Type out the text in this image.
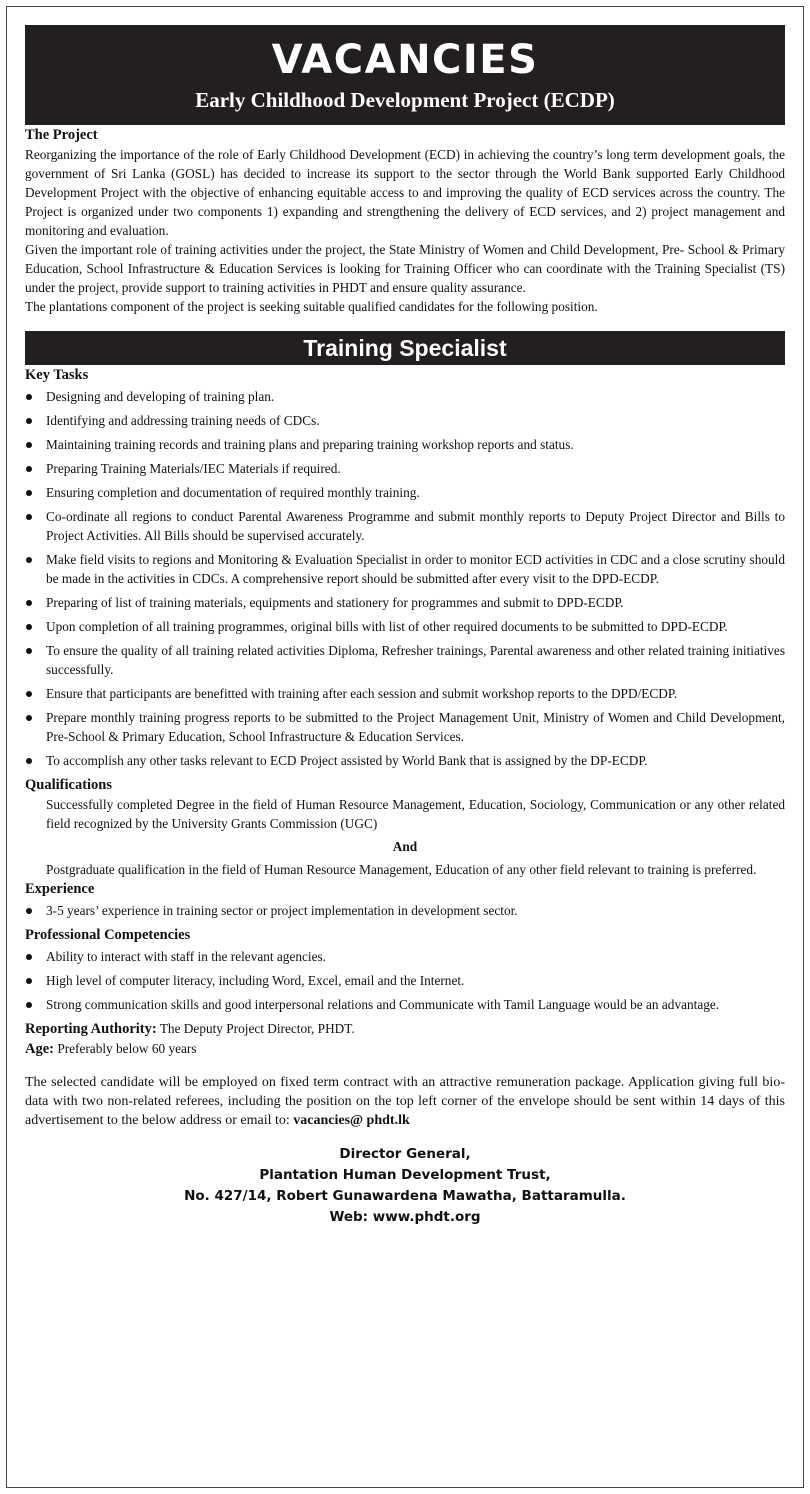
VACANCIES
Early Childhood Development Project (ECDP)
The Project

Reorganizing the importance of the role of Early Childhood Development (ECD) in achieving the country’s long term development goals, the government of Sri Lanka (GOSL) has decided to increase its support to the sector through the World Bank supported Early Childhood Development Project with the objective of enhancing equitable access to and improving the quality of ECD services across the country. The Project is organized under two components 1) expanding and strengthening the delivery of ECD services, and 2) project management and monitoring and evaluation.

Given the important role of training activities under the project, the State Ministry of Women and Child Development, Pre- School & Primary Education, School Infrastructure & Education Services is looking for Training Officer who can coordinate with the Training Specialist (TS) under the project, provide support to training activities in PHDT and ensure quality assurance.

The plantations component of the project is seeking suitable qualified candidates for the following position.

Training Specialist
Key Tasks
Designing and developing of training plan.
Identifying and addressing training needs of CDCs.
Maintaining training records and training plans and preparing training workshop reports and status.
Preparing Training Materials/IEC Materials if required.
Ensuring completion and documentation of required monthly training.
Co-ordinate all regions to conduct Parental Awareness Programme and submit monthly reports to Deputy Project Director and Bills to Project Activities. All Bills should be supervised accurately.
Make field visits to regions and Monitoring & Evaluation Specialist in order to monitor ECD activities in CDC and a close scrutiny should be made in the activities in CDCs. A comprehensive report should be submitted after every visit to the DPD-ECDP.
Preparing of list of training materials, equipments and stationery for programmes and submit to DPD-ECDP.
Upon completion of all training programmes, original bills with list of other required documents to be submitted to DPD-ECDP.
To ensure the quality of all training related activities Diploma, Refresher trainings, Parental awareness and other related training initiatives successfully.
Ensure that participants are benefitted with training after each session and submit workshop reports to the DPD/ECDP.
Prepare monthly training progress reports to be submitted to the Project Management Unit, Ministry of Women and Child Development, Pre-School & Primary Education, School Infrastructure & Education Services.
To accomplish any other tasks relevant to ECD Project assisted by World Bank that is assigned by the DP-ECDP.
Qualifications

Successfully completed Degree in the field of Human Resource Management, Education, Sociology, Communication or any other related field recognized by the University Grants Commission (UGC)

And

Postgraduate qualification in the field of Human Resource Management, Education of any other field relevant to training is preferred.

Experience
3-5 years’ experience in training sector or project implementation in development sector.
Professional Competencies
Ability to interact with staff in the relevant agencies.
High level of computer literacy, including Word, Excel, email and the Internet.
Strong communication skills and good interpersonal relations and Communicate with Tamil Language would be an advantage.

Reporting Authority: The Deputy Project Director, PHDT.

Age: Preferably below 60 years

The selected candidate will be employed on fixed term contract with an attractive remuneration package. Application giving full bio-data with two non-related referees, including the position on the top left corner of the envelope should be sent within 14 days of this advertisement to the below address or email to: vacancies@ phdt.lk

Director General,
Plantation Human Development Trust,
No. 427/14, Robert Gunawardena Mawatha, Battaramulla.
Web: www.phdt.org
